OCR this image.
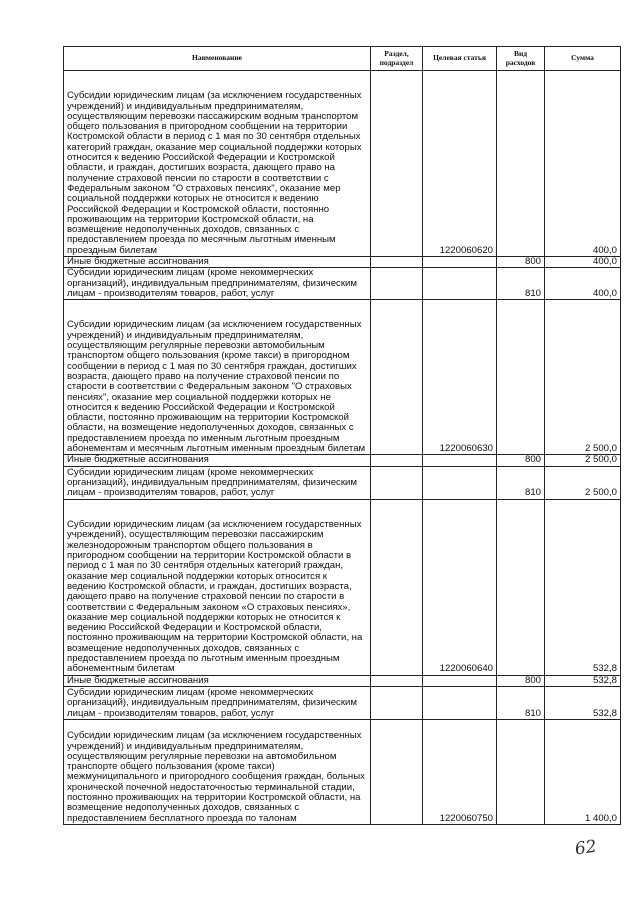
Наименование	Раздел, подраздел	Целевая статья	Вид расходов	Сумма
Субсидии юридическим лицам (за исключением государственных учреждений) и индивидуальным предпринимателям, осуществляющим перевозки пассажирским водным транспортом общего пользования в пригородном сообщении на территории Костромской области в период с 1 мая по 30 сентября отдельных категорий граждан, оказание мер социальной поддержки которых относится к ведению Российской Федерации и Костромской области, и граждан, достигших возраста, дающего право на получение страховой пенсии по старости в соответствии с Федеральным законом "О страховых пенсиях", оказание мер социальной поддержки которых не относится к ведению Российской Федерации и Костромской области, постоянно проживающим на территории Костромской области, на возмещение недополученных доходов, связанных с предоставлением проезда по месячным льготным именным проездным билетам		1220060620		400,0
Иные бюджетные ассигнования			800	400,0
Субсидии юридическим лицам (кроме некоммерческих организаций), индивидуальным предпринимателям, физическим лицам - производителям товаров, работ, услуг			810	400,0
Субсидии юридическим лицам (за исключением государственных учреждений) и индивидуальным предпринимателям, осуществляющим регулярные перевозки автомобильным транспортом общего пользования (кроме такси) в пригородном сообщении в период с 1 мая по 30 сентября граждан, достигших возраста, дающего право на получение страховой пенсии по старости в соответствии с Федеральным законом "О страховых пенсиях", оказание мер социальной поддержки которых не относится к ведению Российской Федерации и Костромской области, постоянно проживающим на территории Костромской области, на возмещение недополученных доходов, связанных с предоставлением проезда по именным льготным проездным абонементам и месячным льготным именным проездным билетам		1220060630		2 500,0
Иные бюджетные ассигнования			800	2 500,0
Субсидии юридическим лицам (кроме некоммерческих организаций), индивидуальным предпринимателям, физическим лицам - производителям товаров, работ, услуг			810	2 500,0
Субсидии юридическим лицам (за исключением государственных учреждений), осуществляющим перевозки пассажирским железнодорожным транспортом общего пользования в пригородном сообщении на территории Костромской области в период с 1 мая по 30 сентября отдельных категорий граждан, оказание мер социальной поддержки которых относится к ведению Костромской области, и граждан, достигших возраста, дающего право на получение страховой пенсии по старости в соответствии с Федеральным законом «О страховых пенсиях», оказание мер социальной поддержки которых не относится к ведению Российской Федерации и Костромской области, постоянно проживающим на территории Костромской области, на возмещение недополученных доходов, связанных с предоставлением проезда по льготным именным проездным абонементным билетам		1220060640		532,8
Иные бюджетные ассигнования			800	532,8
Субсидии юридическим лицам (кроме некоммерческих организаций), индивидуальным предпринимателям, физическим лицам - производителям товаров, работ, услуг			810	532,8
Субсидии юридическим лицам (за исключением государственных учреждений) и индивидуальным предпринимателям, осуществляющим регулярные перевозки на автомобильном транспорте общего пользования (кроме такси) межмуниципального и пригородного сообщения граждан, больных хронической почечной недостаточностью терминальной стадии, постоянно проживающих на территории Костромской области, на возмещение недополученных доходов, связанных с предоставлением бесплатного проезда по талонам		1220060750		1 400,0
62
